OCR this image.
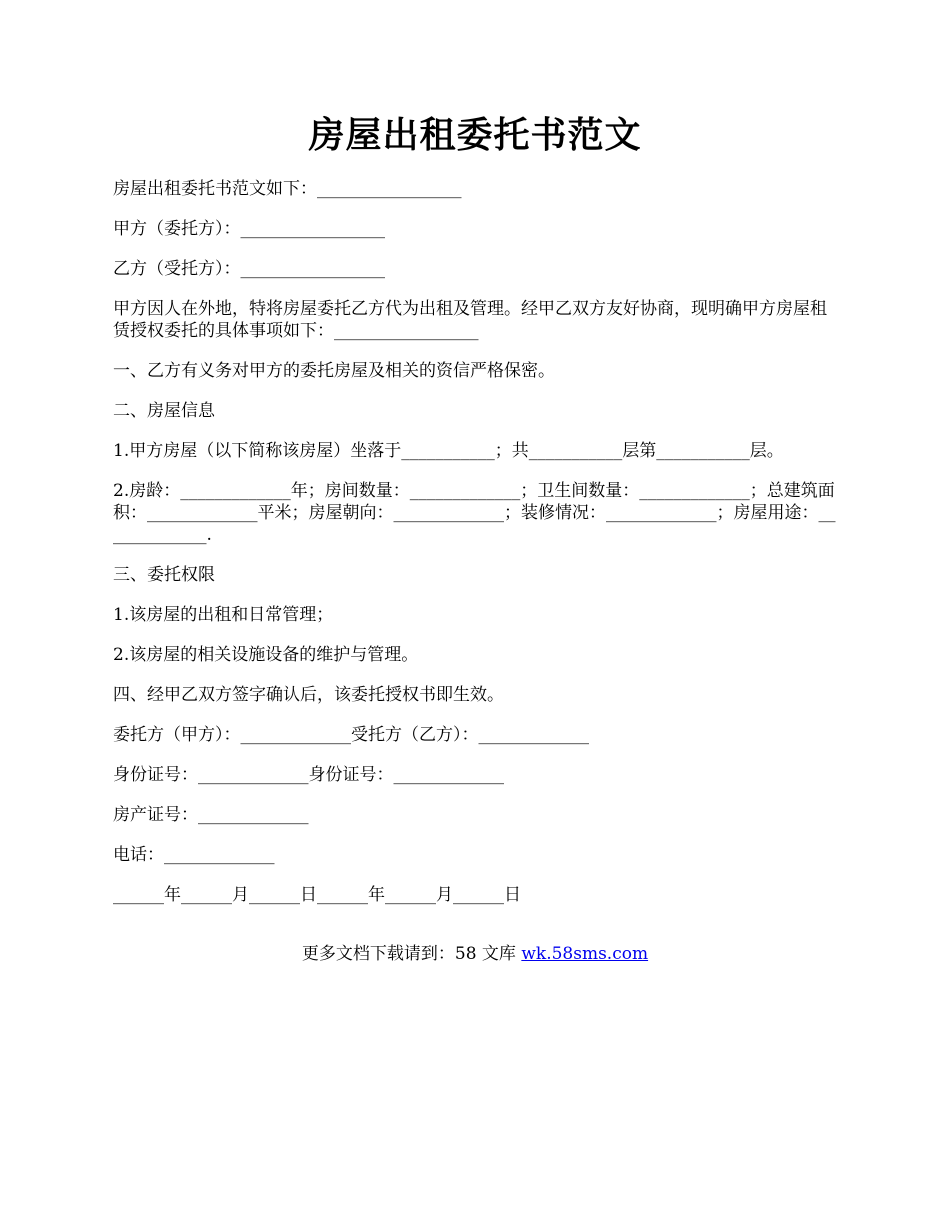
房屋出租委托书范文

房屋出租委托书范文如下：_________________

甲方（委托方）：_________________

乙方（受托方）：_________________

甲方因人在外地，特将房屋委托乙方代为出租及管理。经甲乙双方友好协商，现明确甲方房屋租赁授权委托的具体事项如下：_________________

一、乙方有义务对甲方的委托房屋及相关的资信严格保密。

二、房屋信息

1.甲方房屋（以下简称该房屋）坐落于___________；共___________层第___________层。

2.房龄：_____________年；房间数量：_____________；卫生间数量：_____________；总建筑面积：_____________平米；房屋朝向：_____________；装修情况：_____________；房屋用途：_____________.

三、委托权限

1.该房屋的出租和日常管理；

2.该房屋的相关设施设备的维护与管理。

四、经甲乙双方签字确认后，该委托授权书即生效。

委托方（甲方）：_____________受托方（乙方）：_____________

身份证号：_____________身份证号：_____________

房产证号：_____________

电话：_____________

______年______月______日______年______月______日

更多文档下载请到：58 文库 wk.58sms.com
